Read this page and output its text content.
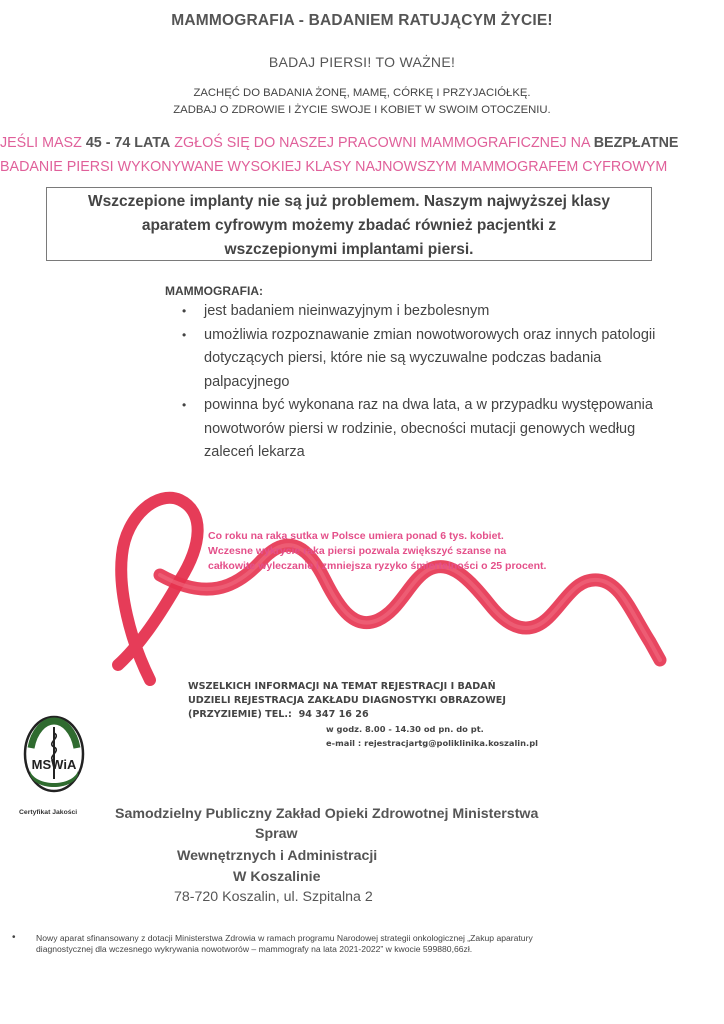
MAMMOGRAFIA - BADANIEM RATUJĄCYM ŻYCIE!
BADAJ PIERSI! TO WAŻNE!
ZACHĘĆ DO BADANIA ŻONĘ, MAMĘ, CÓRKĘ I PRZYJACIÓŁKĘ.
ZADBAJ O ZDROWIE I ŻYCIE SWOJE I KOBIET W SWOIM OTOCZENIU.
JEŚLI MASZ 45 - 74 LATA ZGŁOŚ SIĘ DO NASZEJ PRACOWNI MAMMOGRAFICZNEJ NA BEZPŁATNE
BADANIE PIERSI WYKONYWANE WYSOKIEJ KLASY NAJNOWSZYM MAMMOGRAFEM CYFROWYM
Wszczepione implanty nie są już problemem. Naszym najwyższej klasy
aparatem cyfrowym możemy zbadać również pacjentki z
wszczepionymi implantami piersi.
MAMMOGRAFIA:
• jest badaniem nieinwazyjnym i bezbolesnym
• umożliwia rozpoznawanie zmian nowotworowych oraz innych patologii dotyczących piersi, które nie są wyczuwalne podczas badania palpacyjnego
• powinna być wykonana raz na dwa lata, a w przypadku występowania nowotworów piersi w rodzinie, obecności mutacji genowych według zaleceń lekarza
Co roku na raka sutka w Polsce umiera ponad 6 tys. kobiet.
Wczesne wykrycie raka piersi pozwala zwiększyć szanse na
całkowite wyleczanie i zmniejsza ryzyko śmiertelności o 25 procent.
WSZELKICH INFORMACJI NA TEMAT REJESTRACJI I BADAŃ
UDZIELI REJESTRACJA ZAKŁADU DIAGNOSTYKI OBRAZOWEJ
(PRZYZIEMIE) TEL.: 94 347 16 26
w godz. 8.00 - 14.30 od pn. do pt.
e-mail : rejestracjartg@poliklinika.koszalin.pl
MSWiA
Certyfikat Jakości	Samodzielny Publiczny Zakład Opieki Zdrowotnej Ministerstwa
Spraw
Wewnętrznych i Administracji
W Koszalinie
78-720 Koszalin, ul. Szpitalna 2
• Nowy aparat sfinansowany z dotacji Ministerstwa Zdrowia w ramach programu Narodowej strategii onkologicznej „Zakup aparatury diagnostycznej dla wczesnego wykrywania nowotworów – mammografy na lata 2021-2022” w kwocie 599880,66zł.
